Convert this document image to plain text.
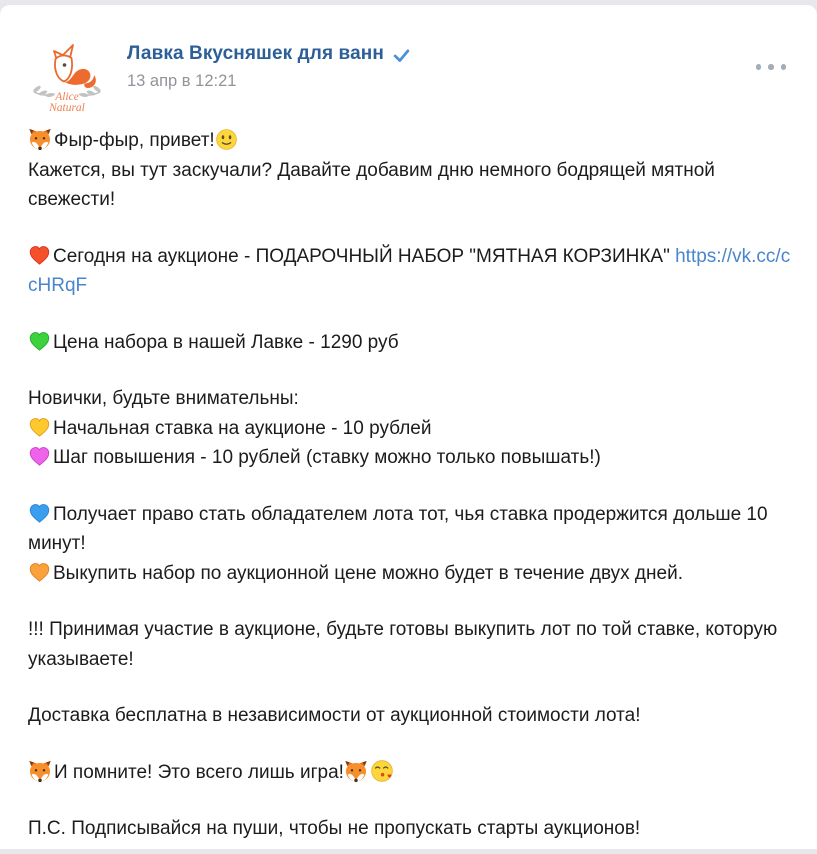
Alice
Natural
Лавка Вкусняшек для ванн
13 апр в 12:21
Фыр-фыр, привет!
Кажется, вы тут заскучали? Давайте добавим дню немного бодрящей мятной свежести!
Сегодня на аукционе - ПОДАРОЧНЫЙ НАБОР "МЯТНАЯ КОРЗИНКА" https://vk.cc/ccHRqF
Цена набора в нашей Лавке - 1290 руб
Новички, будьте внимательны:
Начальная ставка на аукционе - 10 рублей
Шаг повышения - 10 рублей (ставку можно только повышать!)
Получает право стать обладателем лота тот, чья ставка продержится дольше 10 минут!
Выкупить набор по аукционной цене можно будет в течение двух дней.
!!! Принимая участие в аукционе, будьте готовы выкупить лот по той ставке, которую указываете!
Доставка бесплатна в независимости от аукционной стоимости лота!
И помните! Это всего лишь игра!
П.С. Подписывайся на пуши, чтобы не пропускать старты аукционов!
